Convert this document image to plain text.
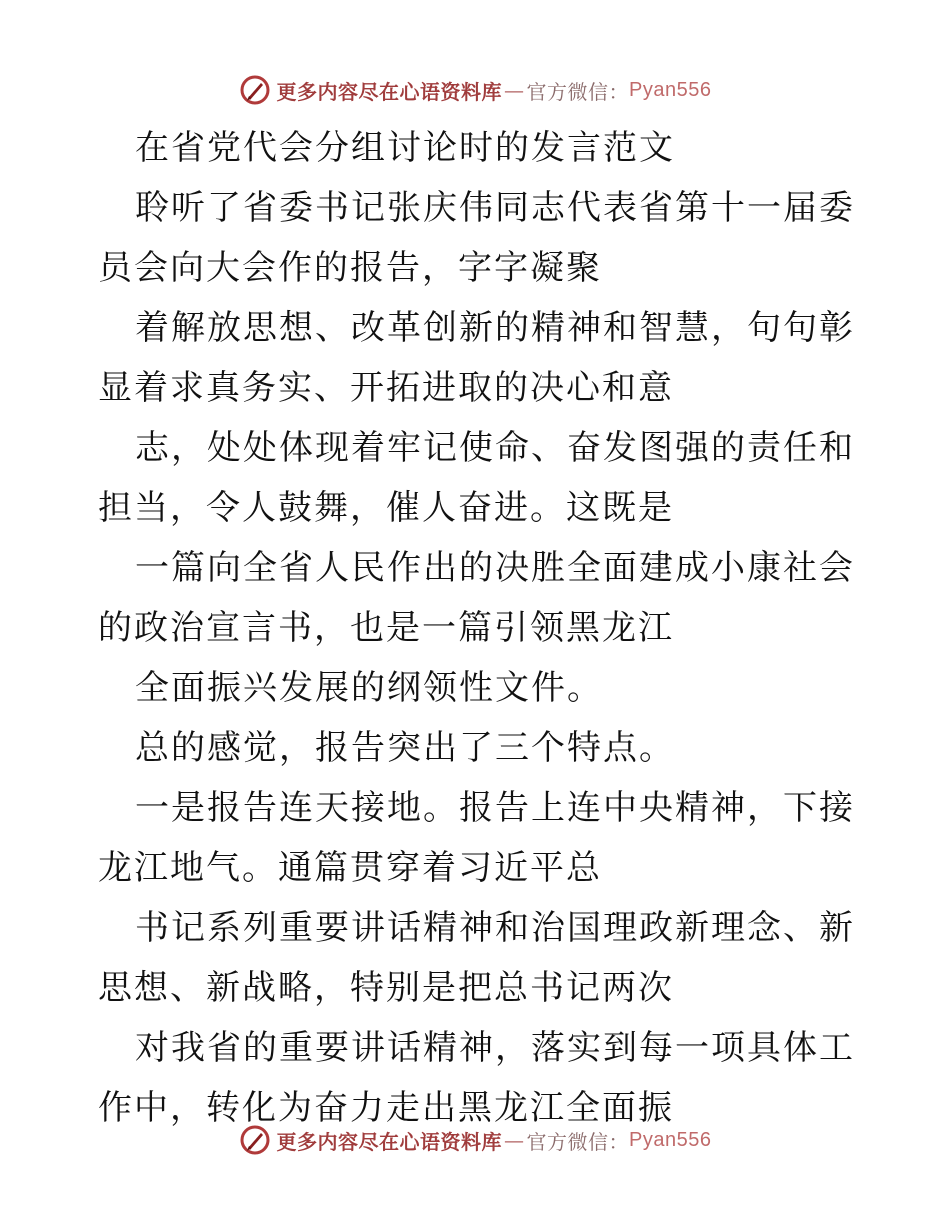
更多内容尽在心语资料库 — 官方微信： Pyan556

在省党代会分组讨论时的发言范文

聆听了省委书记张庆伟同志代表省第十一届委员会向大会作的报告，字字凝聚

着解放思想、改革创新的精神和智慧，句句彰显着求真务实、开拓进取的决心和意

志，处处体现着牢记使命、奋发图强的责任和担当，令人鼓舞，催人奋进。这既是

一篇向全省人民作出的决胜全面建成小康社会的政治宣言书，也是一篇引领黑龙江

全面振兴发展的纲领性文件。

总的感觉，报告突出了三个特点。

一是报告连天接地。报告上连中央精神，下接龙江地气。通篇贯穿着习近平总

书记系列重要讲话精神和治国理政新理念、新思想、新战略，特别是把总书记两次

对我省的重要讲话精神，落实到每一项具体工作中，转化为奋力走出黑龙江全面振

更多内容尽在心语资料库 — 官方微信： Pyan556
